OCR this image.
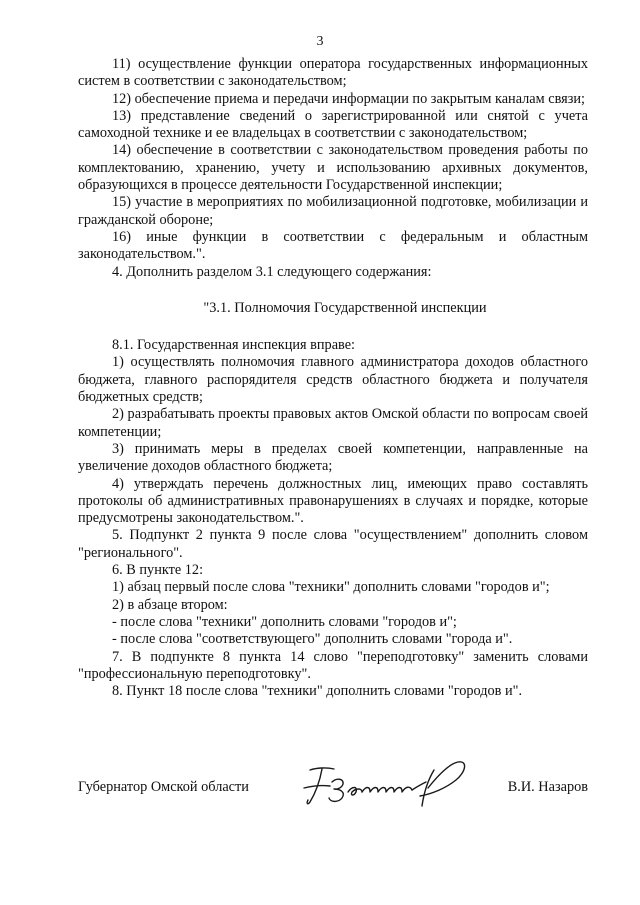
3

11) осуществление функции оператора государственных информационных систем в соответствии с законодательством;

12) обеспечение приема и передачи информации по закрытым каналам связи;

13) представление сведений о зарегистрированной или снятой с учета самоходной технике и ее владельцах в соответствии с законодательством;

14) обеспечение в соответствии с законодательством проведения работы по комплектованию, хранению, учету и использованию архивных документов, образующихся в процессе деятельности Государственной инспекции;

15) участие в мероприятиях по мобилизационной подготовке, мобилизации и гражданской обороне;

16) иные функции в соответствии с федеральным и областным законодательством.".

4. Дополнить разделом 3.1 следующего содержания:

"3.1. Полномочия Государственной инспекции

8.1. Государственная инспекция вправе:

1) осуществлять полномочия главного администратора доходов областного бюджета, главного распорядителя средств областного бюджета и получателя бюджетных средств;

2) разрабатывать проекты правовых актов Омской области по вопросам своей компетенции;

3) принимать меры в пределах своей компетенции, направленные на увеличение доходов областного бюджета;

4) утверждать перечень должностных лиц, имеющих право составлять протоколы об административных правонарушениях в случаях и порядке, которые предусмотрены законодательством.".

5. Подпункт 2 пункта 9 после слова "осуществлением" дополнить словом "регионального".

6. В пункте 12:

1) абзац первый после слова "техники" дополнить словами "городов и";

2) в абзаце втором:

- после слова "техники" дополнить словами "городов и";

- после слова "соответствующего" дополнить словами "города и".

7. В подпункте 8 пункта 14 слово "переподготовку" заменить словами "профессиональную переподготовку".

8. Пункт 18 после слова "техники" дополнить словами "городов и".

Губернатор Омской области	В.И. Назаров
